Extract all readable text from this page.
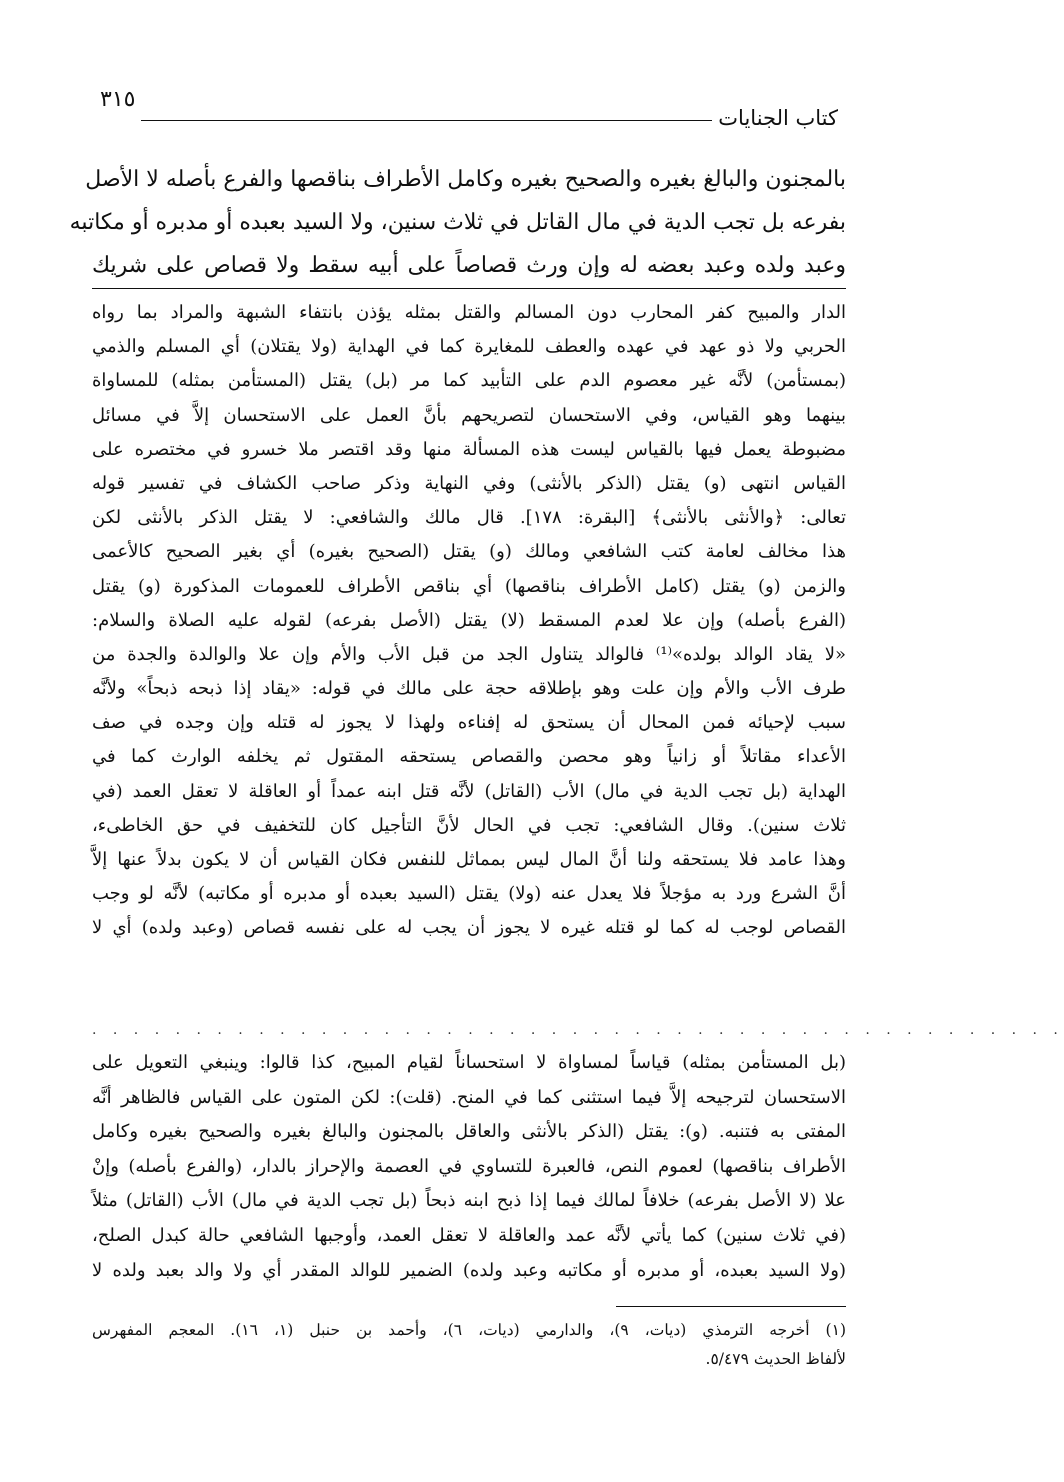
كتاب الجنايات
٣١٥
بالمجنون والبالغ بغيره والصحيح بغيره وكامل الأطراف بناقصها والفرع بأصله لا الأصل
بفرعه بل تجب الدية في مال القاتل في ثلاث سنين، ولا السيد بعبده أو مدبره أو مكاتبه
وعبد ولده وعبد بعضه له وإن ورث قصاصاً على أبيه سقط ولا قصاص على شريك
الدار والمبيح كفر المحارب دون المسالم والقتل بمثله يؤذن بانتفاء الشبهة والمراد بما رواه
الحربي ولا ذو عهد في عهده والعطف للمغايرة كما في الهداية (ولا يقتلان) أي المسلم والذمي
(بمستأمن) لأنَّه غير معصوم الدم على التأبيد كما مر (بل) يقتل (المستأمن بمثله) للمساواة
بينهما وهو القياس، وفي الاستحسان لتصريحهم بأنَّ العمل على الاستحسان إلاَّ في مسائل
مضبوطة يعمل فيها بالقياس ليست هذه المسألة منها وقد اقتصر ملا خسرو في مختصره على
القياس انتهى (و) يقتل (الذكر بالأنثى) وفي النهاية وذكر صاحب الكشاف في تفسير قوله
تعالى: ﴿والأنثى بالأنثى﴾ [البقرة: ١٧٨]. قال مالك والشافعي: لا يقتل الذكر بالأنثى لكن
هذا مخالف لعامة كتب الشافعي ومالك (و) يقتل (الصحيح بغيره) أي بغير الصحيح كالأعمى
والزمن (و) يقتل (كامل الأطراف بناقصها) أي بناقص الأطراف للعمومات المذكورة (و) يقتل
(الفرع بأصله) وإن علا لعدم المسقط (لا) يقتل (الأصل بفرعه) لقوله عليه الصلاة والسلام:
«لا يقاد الوالد بولده»⁽¹⁾ فالوالد يتناول الجد من قبل الأب والأم وإن علا والوالدة والجدة من
طرف الأب والأم وإن علت وهو بإطلاقه حجة على مالك في قوله: «يقاد إذا ذبحه ذبحاً» ولأنَّه
سبب لإحيائه فمن المحال أن يستحق له إفناءه ولهذا لا يجوز له قتله وإن وجده في صف
الأعداء مقاتلاً أو زانياً وهو محصن والقصاص يستحقه المقتول ثم يخلفه الوارث كما في
الهداية (بل تجب الدية في مال) الأب (القاتل) لأنَّه قتل ابنه عمداً أو العاقلة لا تعقل العمد (في
ثلاث سنين). وقال الشافعي: تجب في الحال لأنَّ التأجيل كان للتخفيف في حق الخاطىء،
وهذا عامد فلا يستحقه ولنا أنَّ المال ليس بمماثل للنفس فكان القياس أن لا يكون بدلاً عنها إلاَّ
أنَّ الشرع ورد به مؤجلاً فلا يعدل عنه (ولا) يقتل (السيد بعبده أو مدبره أو مكاتبه) لأنَّه لو وجب
القصاص لوجب له كما لو قتله غيره لا يجوز أن يجب له على نفسه قصاص (وعبد ولده) أي لا
. . . . . . . . . . . . . . . . . . . . . . . . . . . . . . . . . . . . . . . . . . . . . . .
(بل المستأمن بمثله) قياساً لمساواة لا استحساناً لقيام المبيح، كذا قالوا: وينبغي التعويل على
الاستحسان لترجيحه إلاَّ فيما استثنى كما في المنح. (قلت): لكن المتون على القياس فالظاهر أنَّه
المفتى به فتنبه. (و): يقتل (الذكر بالأنثى والعاقل بالمجنون والبالغ بغيره والصحيح بغيره وكامل
الأطراف بناقصها) لعموم النص، فالعبرة للتساوي في العصمة والإحراز بالدار، (والفرع بأصله) وإنْ
علا (لا الأصل بفرعه) خلافاً لمالك فيما إذا ذبح ابنه ذبحاً (بل تجب الدية في مال) الأب (القاتل) مثلاً
(في ثلاث سنين) كما يأتي لأنَّه عمد والعاقلة لا تعقل العمد، وأوجبها الشافعي حالة كبدل الصلح،
(ولا السيد بعبده، أو مدبره أو مكاتبه وعبد ولده) الضمير للوالد المقدر أي ولا والد بعبد ولده لا
(١) أخرجه الترمذي (ديات، ٩)، والدارمي (ديات، ٦)، وأحمد بن حنبل (١، ١٦). المعجم المفهرس
لألفاظ الحديث ٥/٤٧٩.
